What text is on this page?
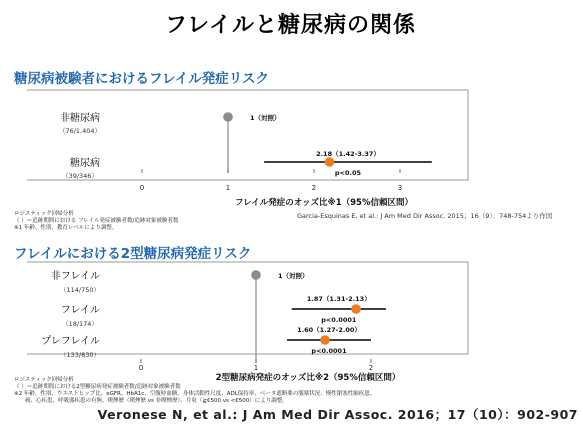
フレイルと糖尿病の関係
糖尿病被験者におけるフレイル発症リスク
フレイルにおける2型糖尿病発症リスク
0	1	2	3
フレイル発症のオッズ比※1（95%信頼区間）
非糖尿病
（76/1,404）
1（対照）
糖尿病
（39/346）
2.18（1.42-3.37）
p<0.05
0	1	2
2型糖尿病発症のオッズ比※2（95%信頼区間）
非フレイル
（114/750）
1（対照）
フレイル
（18/174）
1.87（1.31-2.13）
p<0.0001
プレフレイル
（133/830）
1.60（1.27-2.00）
p<0.0001
ロジスティック回帰分析
（ ）＝追跡期間における フレイル発症被験者数/追跡対象被験者数
※1 年齢、性別、教育レベルにより調整。
Garcia-Esquinas E, et al.: J Am Med Dir Assoc. 2015；16（9）：748-754より作図
ロジスティック回帰分析
（ ）＝追跡期間における2型糖尿病発症被験者数/追跡対象被験者数
※2 年齢、性別、ウエストヒップ比、eGFR、HbA1c、空腹時血糖、身体活動性尺度、ADL保持率、ベータ遮断薬の服薬状況、慢性閉塞性肺疾患、
　　癌、心疾患、呼吸器疾患の有無、喫煙歴（喫煙歴 vs 非喫煙歴）、月収（≧€500 vs <€500）により調整。
Veronese N, et al.: J Am Med Dir Assoc. 2016；17（10）：902-907
